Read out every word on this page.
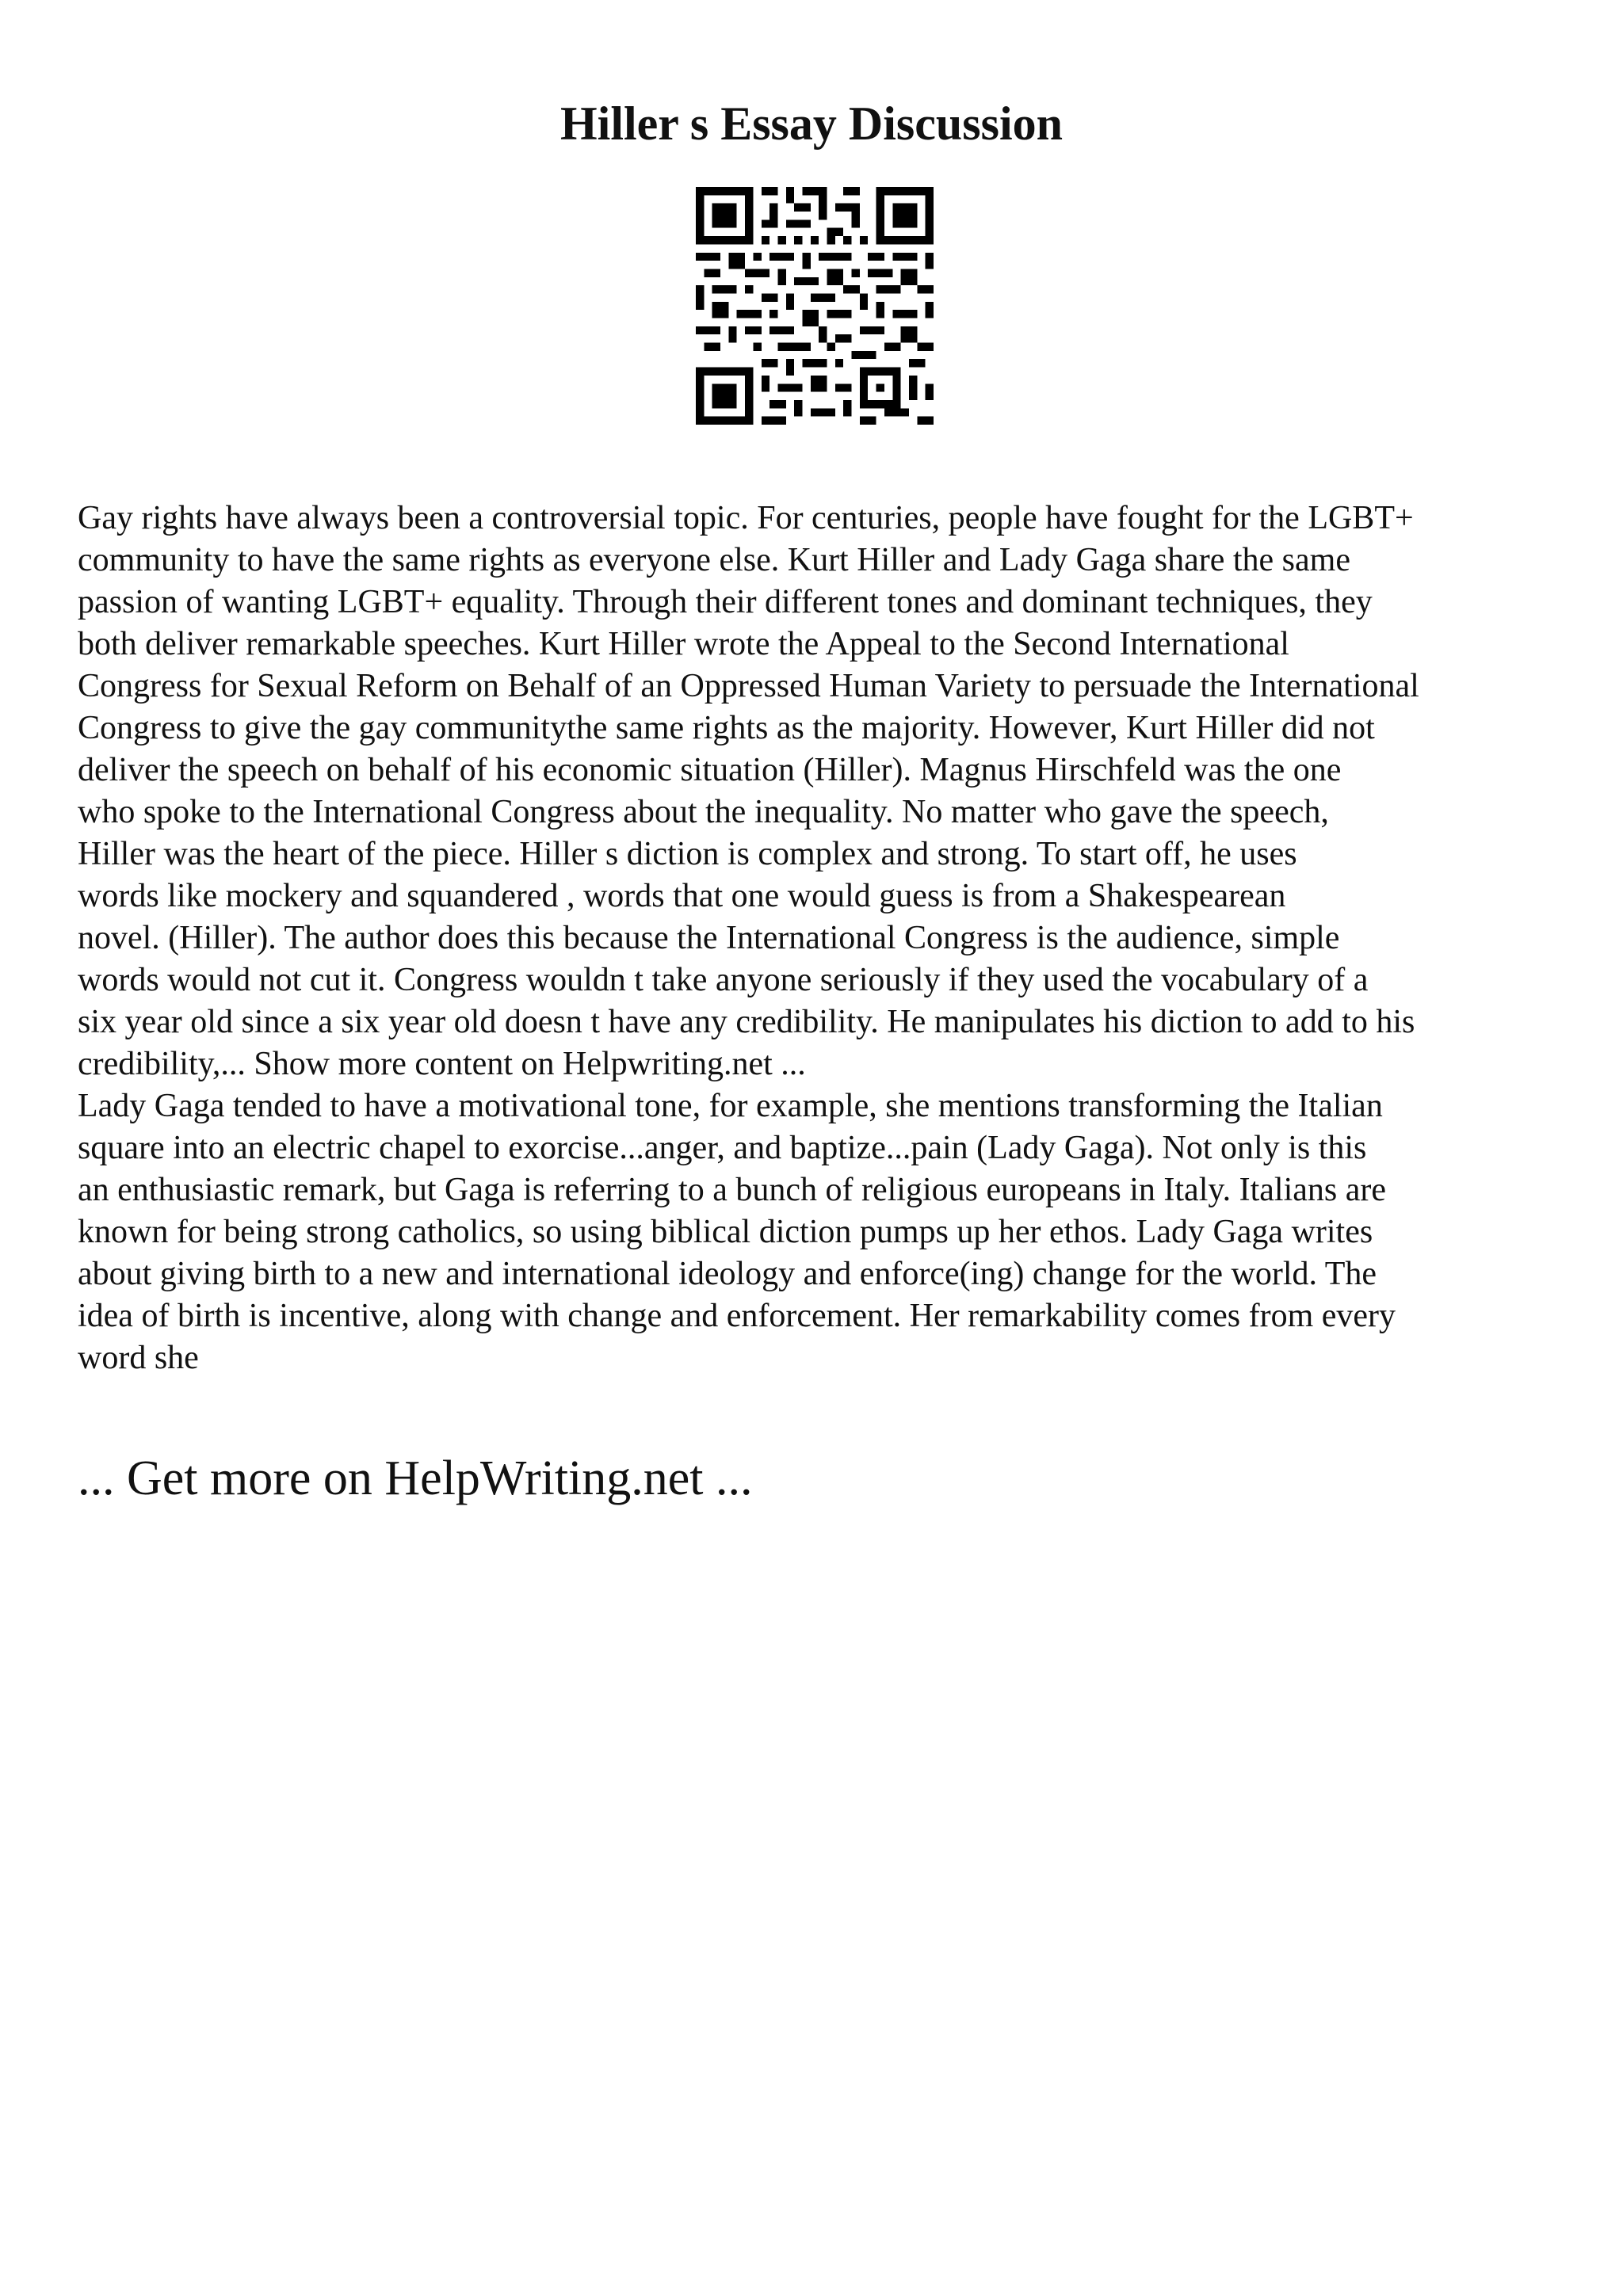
Hiller s Essay Discussion

Gay rights have always been a controversial topic. For centuries, people have fought for the LGBT+
community to have the same rights as everyone else. Kurt Hiller and Lady Gaga share the same
passion of wanting LGBT+ equality. Through their different tones and dominant techniques, they
both deliver remarkable speeches. Kurt Hiller wrote the Appeal to the Second International
Congress for Sexual Reform on Behalf of an Oppressed Human Variety to persuade the International
Congress to give the gay communitythe same rights as the majority. However, Kurt Hiller did not
deliver the speech on behalf of his economic situation (Hiller). Magnus Hirschfeld was the one
who spoke to the International Congress about the inequality. No matter who gave the speech,
Hiller was the heart of the piece. Hiller s diction is complex and strong. To start off, he uses
words like mockery and squandered , words that one would guess is from a Shakespearean
novel. (Hiller). The author does this because the International Congress is the audience, simple
words would not cut it. Congress wouldn t take anyone seriously if they used the vocabulary of a
six year old since a six year old doesn t have any credibility. He manipulates his diction to add to his
credibility,... Show more content on Helpwriting.net ...

Lady Gaga tended to have a motivational tone, for example, she mentions transforming the Italian
square into an electric chapel to exorcise...anger, and baptize...pain (Lady Gaga). Not only is this
an enthusiastic remark, but Gaga is referring to a bunch of religious europeans in Italy. Italians are
known for being strong catholics, so using biblical diction pumps up her ethos. Lady Gaga writes
about giving birth to a new and international ideology and enforce(ing) change for the world. The
idea of birth is incentive, along with change and enforcement. Her remarkability comes from every
word she

... Get more on HelpWriting.net ...
